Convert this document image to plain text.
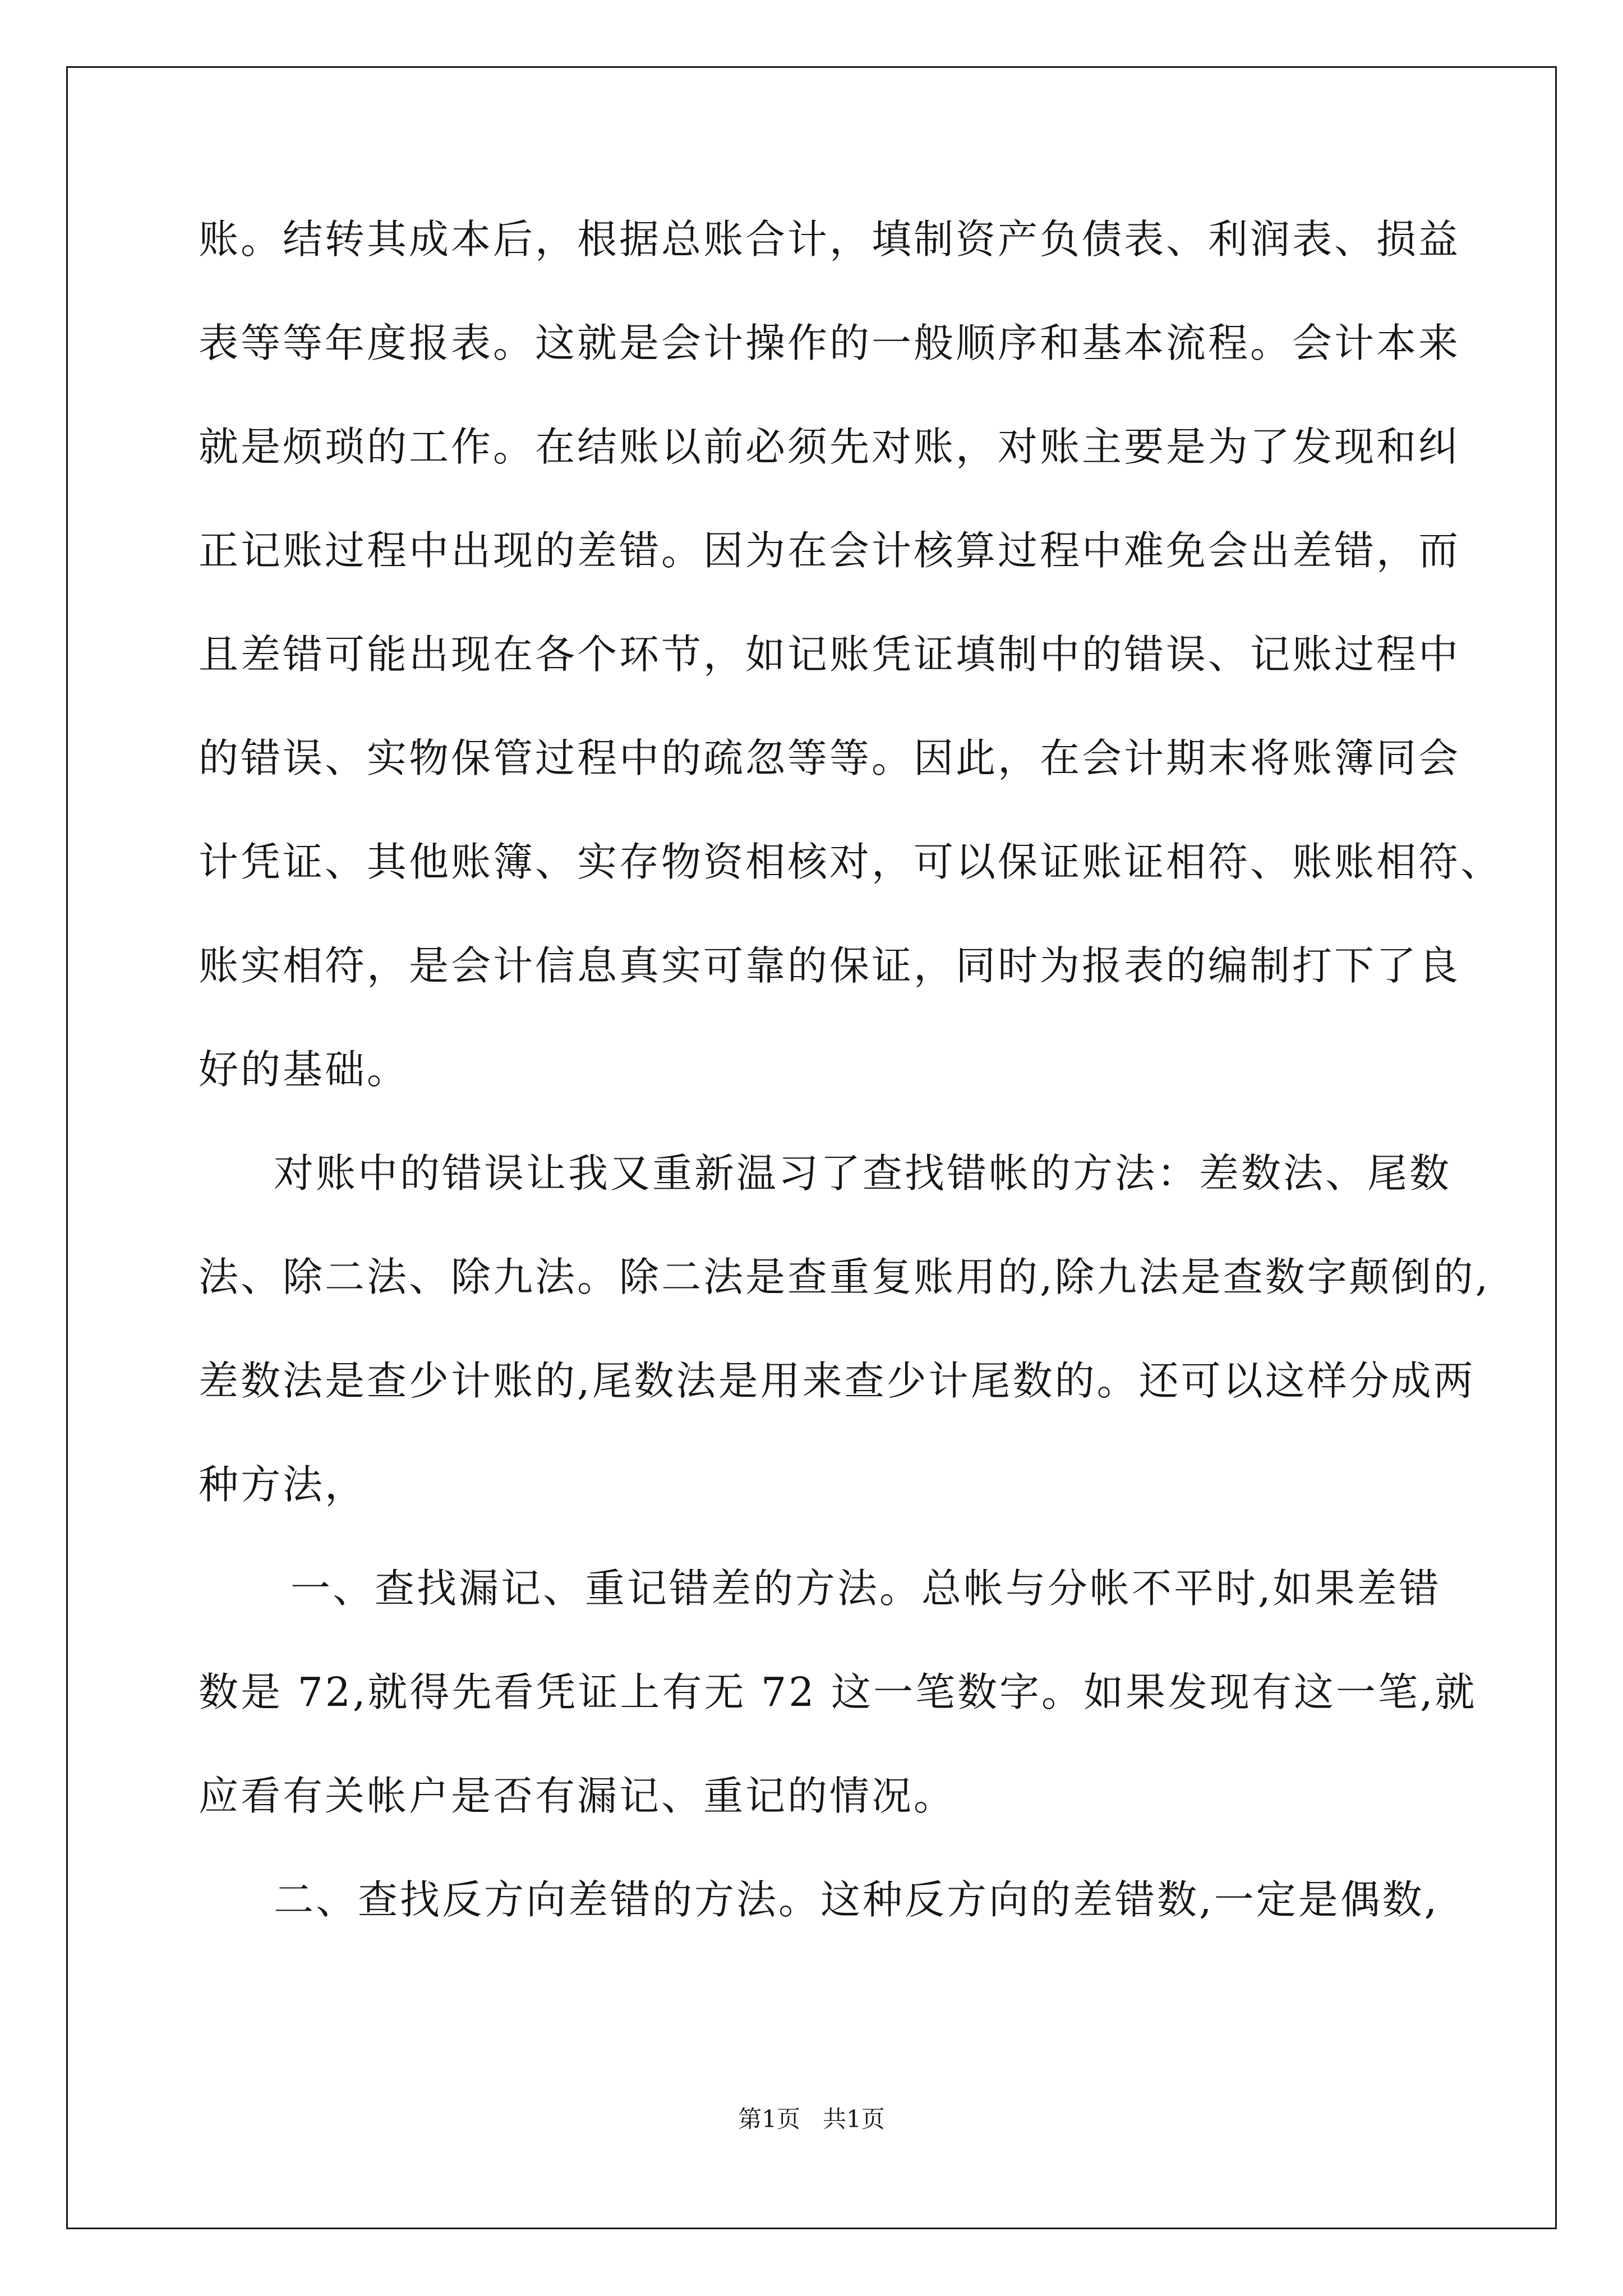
账。结转其成本后，根据总账合计，填制资产负债表、利润表、损益
表等等年度报表。这就是会计操作的一般顺序和基本流程。会计本来
就是烦琐的工作。在结账以前必须先对账，对账主要是为了发现和纠
正记账过程中出现的差错。因为在会计核算过程中难免会出差错，而
且差错可能出现在各个环节，如记账凭证填制中的错误、记账过程中
的错误、实物保管过程中的疏忽等等。因此，在会计期末将账簿同会
计凭证、其他账簿、实存物资相核对，可以保证账证相符、账账相符、
账实相符，是会计信息真实可靠的保证，同时为报表的编制打下了良
好的基础。
对账中的错误让我又重新温习了查找错帐的方法：差数法、尾数
法、除二法、除九法。除二法是查重复账用的,除九法是查数字颠倒的,
差数法是查少计账的,尾数法是用来查少计尾数的。还可以这样分成两
种方法，
一、查找漏记、重记错差的方法。总帐与分帐不平时,如果差错
数是 72,就得先看凭证上有无 72 这一笔数字。如果发现有这一笔,就
应看有关帐户是否有漏记、重记的情况。
二、查找反方向差错的方法。这种反方向的差错数,一定是偶数,
第1页 共1页
